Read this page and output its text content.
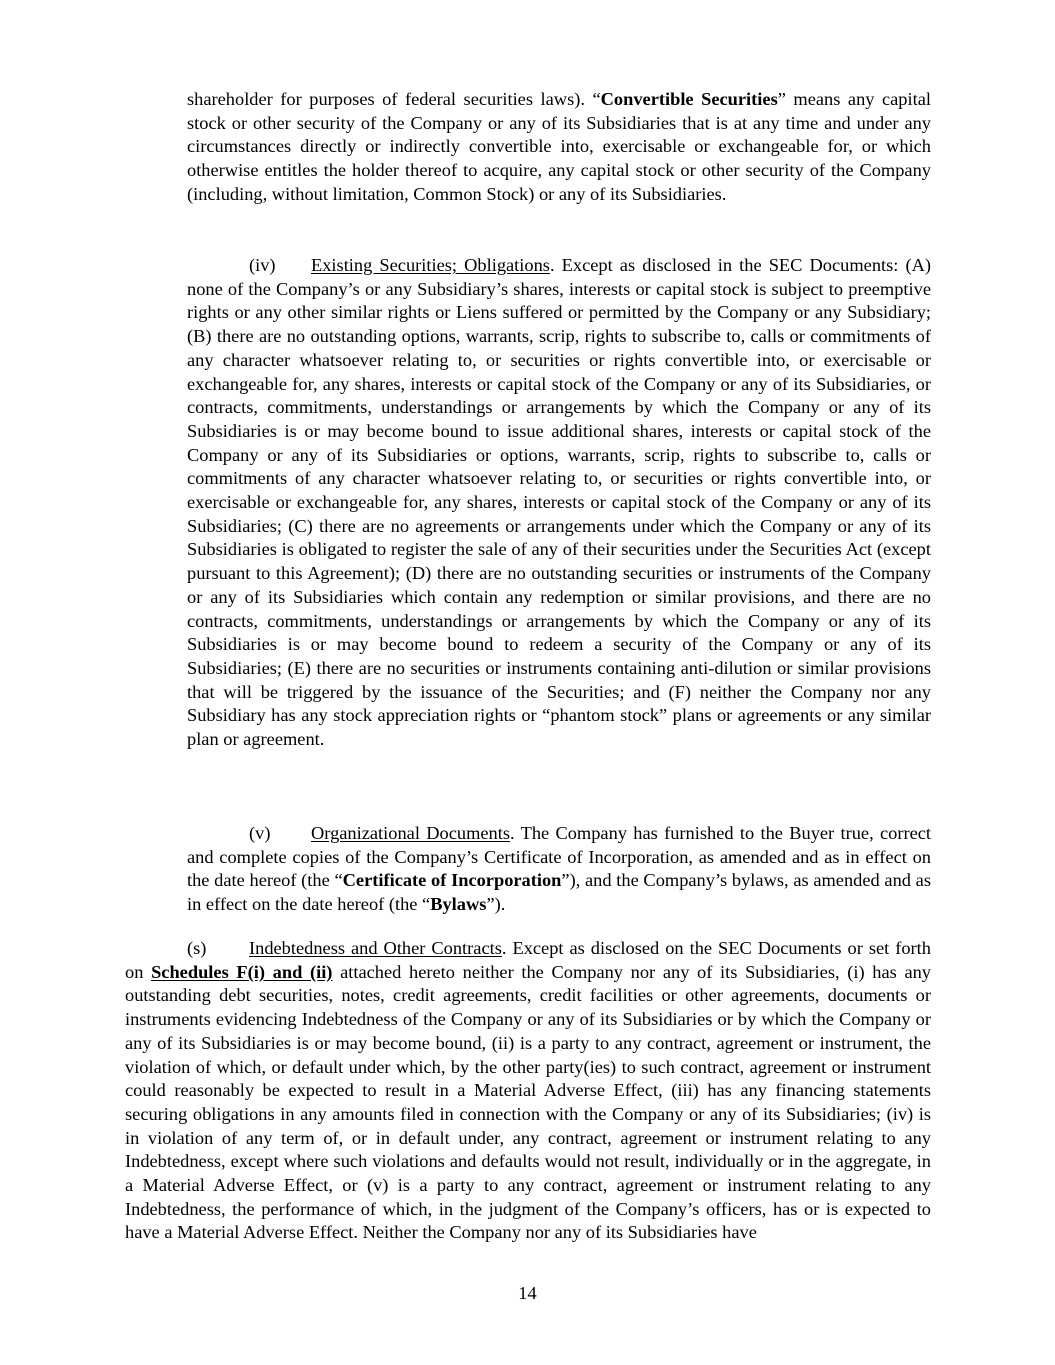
shareholder for purposes of federal securities laws). “Convertible Securities” means any capital stock or other security of the Company or any of its Subsidiaries that is at any time and under any circumstances directly or indirectly convertible into, exercisable or exchangeable for, or which otherwise entitles the holder thereof to acquire, any capital stock or other security of the Company (including, without limitation, Common Stock) or any of its Subsidiaries.

(iv) Existing Securities; Obligations. Except as disclosed in the SEC Documents: (A) none of the Company’s or any Subsidiary’s shares, interests or capital stock is subject to preemptive rights or any other similar rights or Liens suffered or permitted by the Company or any Subsidiary; (B) there are no outstanding options, warrants, scrip, rights to subscribe to, calls or commitments of any character whatsoever relating to, or securities or rights convertible into, or exercisable or exchangeable for, any shares, interests or capital stock of the Company or any of its Subsidiaries, or contracts, commitments, understandings or arrangements by which the Company or any of its Subsidiaries is or may become bound to issue additional shares, interests or capital stock of the Company or any of its Subsidiaries or options, warrants, scrip, rights to subscribe to, calls or commitments of any character whatsoever relating to, or securities or rights convertible into, or exercisable or exchangeable for, any shares, interests or capital stock of the Company or any of its Subsidiaries; (C) there are no agreements or arrangements under which the Company or any of its Subsidiaries is obligated to register the sale of any of their securities under the Securities Act (except pursuant to this Agreement); (D) there are no outstanding securities or instruments of the Company or any of its Subsidiaries which contain any redemption or similar provisions, and there are no contracts, commitments, understandings or arrangements by which the Company or any of its Subsidiaries is or may become bound to redeem a security of the Company or any of its Subsidiaries; (E) there are no securities or instruments containing anti-dilution or similar provisions that will be triggered by the issuance of the Securities; and (F) neither the Company nor any Subsidiary has any stock appreciation rights or “phantom stock” plans or agreements or any similar plan or agreement.

(v) Organizational Documents. The Company has furnished to the Buyer true, correct and complete copies of the Company’s Certificate of Incorporation, as amended and as in effect on the date hereof (the “Certificate of Incorporation”), and the Company’s bylaws, as amended and as in effect on the date hereof (the “Bylaws”).

(s) Indebtedness and Other Contracts. Except as disclosed on the SEC Documents or set forth on Schedules F(i) and (ii) attached hereto neither the Company nor any of its Subsidiaries, (i) has any outstanding debt securities, notes, credit agreements, credit facilities or other agreements, documents or instruments evidencing Indebtedness of the Company or any of its Subsidiaries or by which the Company or any of its Subsidiaries is or may become bound, (ii) is a party to any contract, agreement or instrument, the violation of which, or default under which, by the other party(ies) to such contract, agreement or instrument could reasonably be expected to result in a Material Adverse Effect, (iii) has any financing statements securing obligations in any amounts filed in connection with the Company or any of its Subsidiaries; (iv) is in violation of any term of, or in default under, any contract, agreement or instrument relating to any Indebtedness, except where such violations and defaults would not result, individually or in the aggregate, in a Material Adverse Effect, or (v) is a party to any contract, agreement or instrument relating to any Indebtedness, the performance of which, in the judgment of the Company’s officers, has or is expected to have a Material Adverse Effect. Neither the Company nor any of its Subsidiaries have

14
